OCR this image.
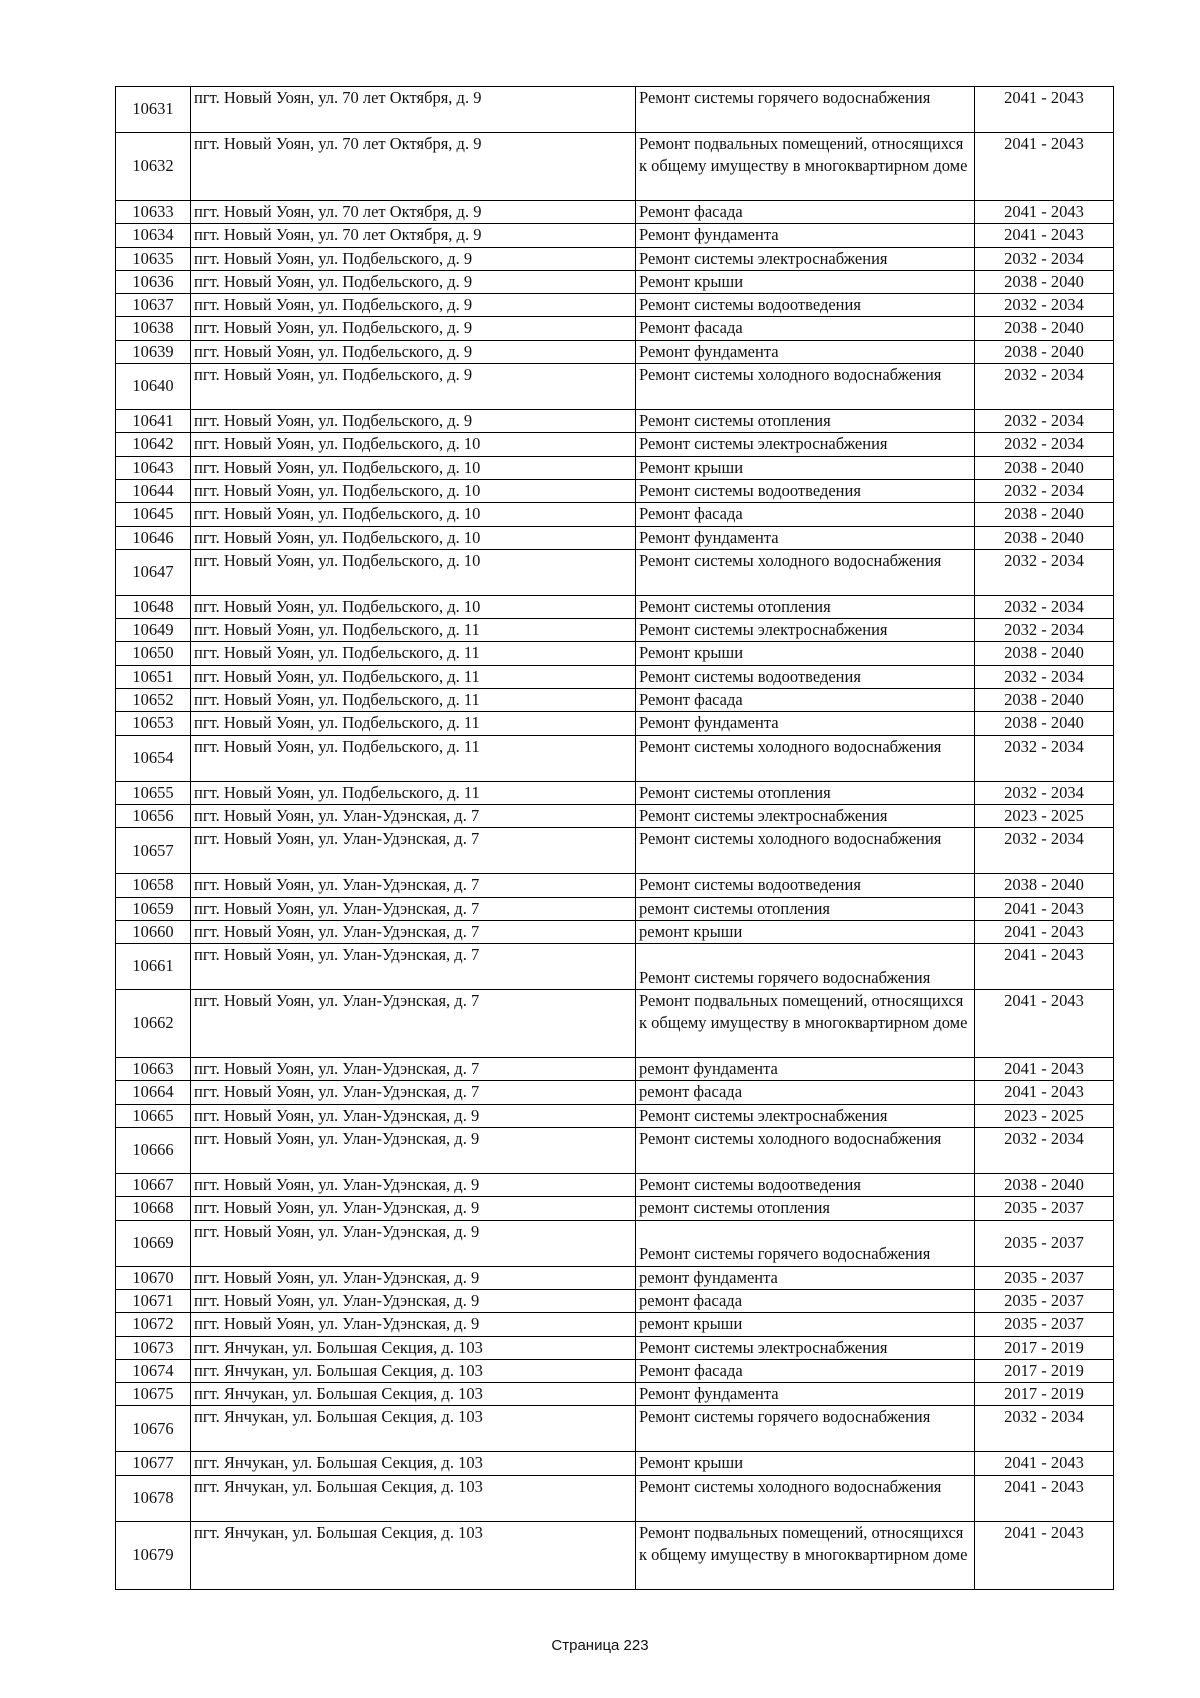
10631	пгт. Новый Уоян, ул. 70 лет Октября, д. 9	Ремонт системы горячего водоснабжения	2041 - 2043
10632	пгт. Новый Уоян, ул. 70 лет Октября, д. 9	Ремонт подвальных помещений, относящихся к общему имуществу в многоквартирном доме	2041 - 2043
10633	пгт. Новый Уоян, ул. 70 лет Октября, д. 9	Ремонт фасада	2041 - 2043
10634	пгт. Новый Уоян, ул. 70 лет Октября, д. 9	Ремонт фундамента	2041 - 2043
10635	пгт. Новый Уоян, ул. Подбельского, д. 9	Ремонт системы электроснабжения	2032 - 2034
10636	пгт. Новый Уоян, ул. Подбельского, д. 9	Ремонт крыши	2038 - 2040
10637	пгт. Новый Уоян, ул. Подбельского, д. 9	Ремонт системы водоотведения	2032 - 2034
10638	пгт. Новый Уоян, ул. Подбельского, д. 9	Ремонт фасада	2038 - 2040
10639	пгт. Новый Уоян, ул. Подбельского, д. 9	Ремонт фундамента	2038 - 2040
10640	пгт. Новый Уоян, ул. Подбельского, д. 9	Ремонт системы холодного водоснабжения	2032 - 2034
10641	пгт. Новый Уоян, ул. Подбельского, д. 9	Ремонт системы отопления	2032 - 2034
10642	пгт. Новый Уоян, ул. Подбельского, д. 10	Ремонт системы электроснабжения	2032 - 2034
10643	пгт. Новый Уоян, ул. Подбельского, д. 10	Ремонт крыши	2038 - 2040
10644	пгт. Новый Уоян, ул. Подбельского, д. 10	Ремонт системы водоотведения	2032 - 2034
10645	пгт. Новый Уоян, ул. Подбельского, д. 10	Ремонт фасада	2038 - 2040
10646	пгт. Новый Уоян, ул. Подбельского, д. 10	Ремонт фундамента	2038 - 2040
10647	пгт. Новый Уоян, ул. Подбельского, д. 10	Ремонт системы холодного водоснабжения	2032 - 2034
10648	пгт. Новый Уоян, ул. Подбельского, д. 10	Ремонт системы отопления	2032 - 2034
10649	пгт. Новый Уоян, ул. Подбельского, д. 11	Ремонт системы электроснабжения	2032 - 2034
10650	пгт. Новый Уоян, ул. Подбельского, д. 11	Ремонт крыши	2038 - 2040
10651	пгт. Новый Уоян, ул. Подбельского, д. 11	Ремонт системы водоотведения	2032 - 2034
10652	пгт. Новый Уоян, ул. Подбельского, д. 11	Ремонт фасада	2038 - 2040
10653	пгт. Новый Уоян, ул. Подбельского, д. 11	Ремонт фундамента	2038 - 2040
10654	пгт. Новый Уоян, ул. Подбельского, д. 11	Ремонт системы холодного водоснабжения	2032 - 2034
10655	пгт. Новый Уоян, ул. Подбельского, д. 11	Ремонт системы отопления	2032 - 2034
10656	пгт. Новый Уоян, ул. Улан-Удэнская, д. 7	Ремонт системы электроснабжения	2023 - 2025
10657	пгт. Новый Уоян, ул. Улан-Удэнская, д. 7	Ремонт системы холодного водоснабжения	2032 - 2034
10658	пгт. Новый Уоян, ул. Улан-Удэнская, д. 7	Ремонт системы водоотведения	2038 - 2040
10659	пгт. Новый Уоян, ул. Улан-Удэнская, д. 7	ремонт системы отопления	2041 - 2043
10660	пгт. Новый Уоян, ул. Улан-Удэнская, д. 7	ремонт крыши	2041 - 2043
10661	пгт. Новый Уоян, ул. Улан-Удэнская, д. 7	Ремонт системы горячего водоснабжения	2041 - 2043
10662	пгт. Новый Уоян, ул. Улан-Удэнская, д. 7	Ремонт подвальных помещений, относящихся к общему имуществу в многоквартирном доме	2041 - 2043
10663	пгт. Новый Уоян, ул. Улан-Удэнская, д. 7	ремонт фундамента	2041 - 2043
10664	пгт. Новый Уоян, ул. Улан-Удэнская, д. 7	ремонт фасада	2041 - 2043
10665	пгт. Новый Уоян, ул. Улан-Удэнская, д. 9	Ремонт системы электроснабжения	2023 - 2025
10666	пгт. Новый Уоян, ул. Улан-Удэнская, д. 9	Ремонт системы холодного водоснабжения	2032 - 2034
10667	пгт. Новый Уоян, ул. Улан-Удэнская, д. 9	Ремонт системы водоотведения	2038 - 2040
10668	пгт. Новый Уоян, ул. Улан-Удэнская, д. 9	ремонт системы отопления	2035 - 2037
10669	пгт. Новый Уоян, ул. Улан-Удэнская, д. 9	Ремонт системы горячего водоснабжения	2035 - 2037
10670	пгт. Новый Уоян, ул. Улан-Удэнская, д. 9	ремонт фундамента	2035 - 2037
10671	пгт. Новый Уоян, ул. Улан-Удэнская, д. 9	ремонт фасада	2035 - 2037
10672	пгт. Новый Уоян, ул. Улан-Удэнская, д. 9	ремонт крыши	2035 - 2037
10673	пгт. Янчукан, ул. Большая Секция, д. 103	Ремонт системы электроснабжения	2017 - 2019
10674	пгт. Янчукан, ул. Большая Секция, д. 103	Ремонт фасада	2017 - 2019
10675	пгт. Янчукан, ул. Большая Секция, д. 103	Ремонт фундамента	2017 - 2019
10676	пгт. Янчукан, ул. Большая Секция, д. 103	Ремонт системы горячего водоснабжения	2032 - 2034
10677	пгт. Янчукан, ул. Большая Секция, д. 103	Ремонт крыши	2041 - 2043
10678	пгт. Янчукан, ул. Большая Секция, д. 103	Ремонт системы холодного водоснабжения	2041 - 2043
10679	пгт. Янчукан, ул. Большая Секция, д. 103	Ремонт подвальных помещений, относящихся к общему имуществу в многоквартирном доме	2041 - 2043
Страница 223
